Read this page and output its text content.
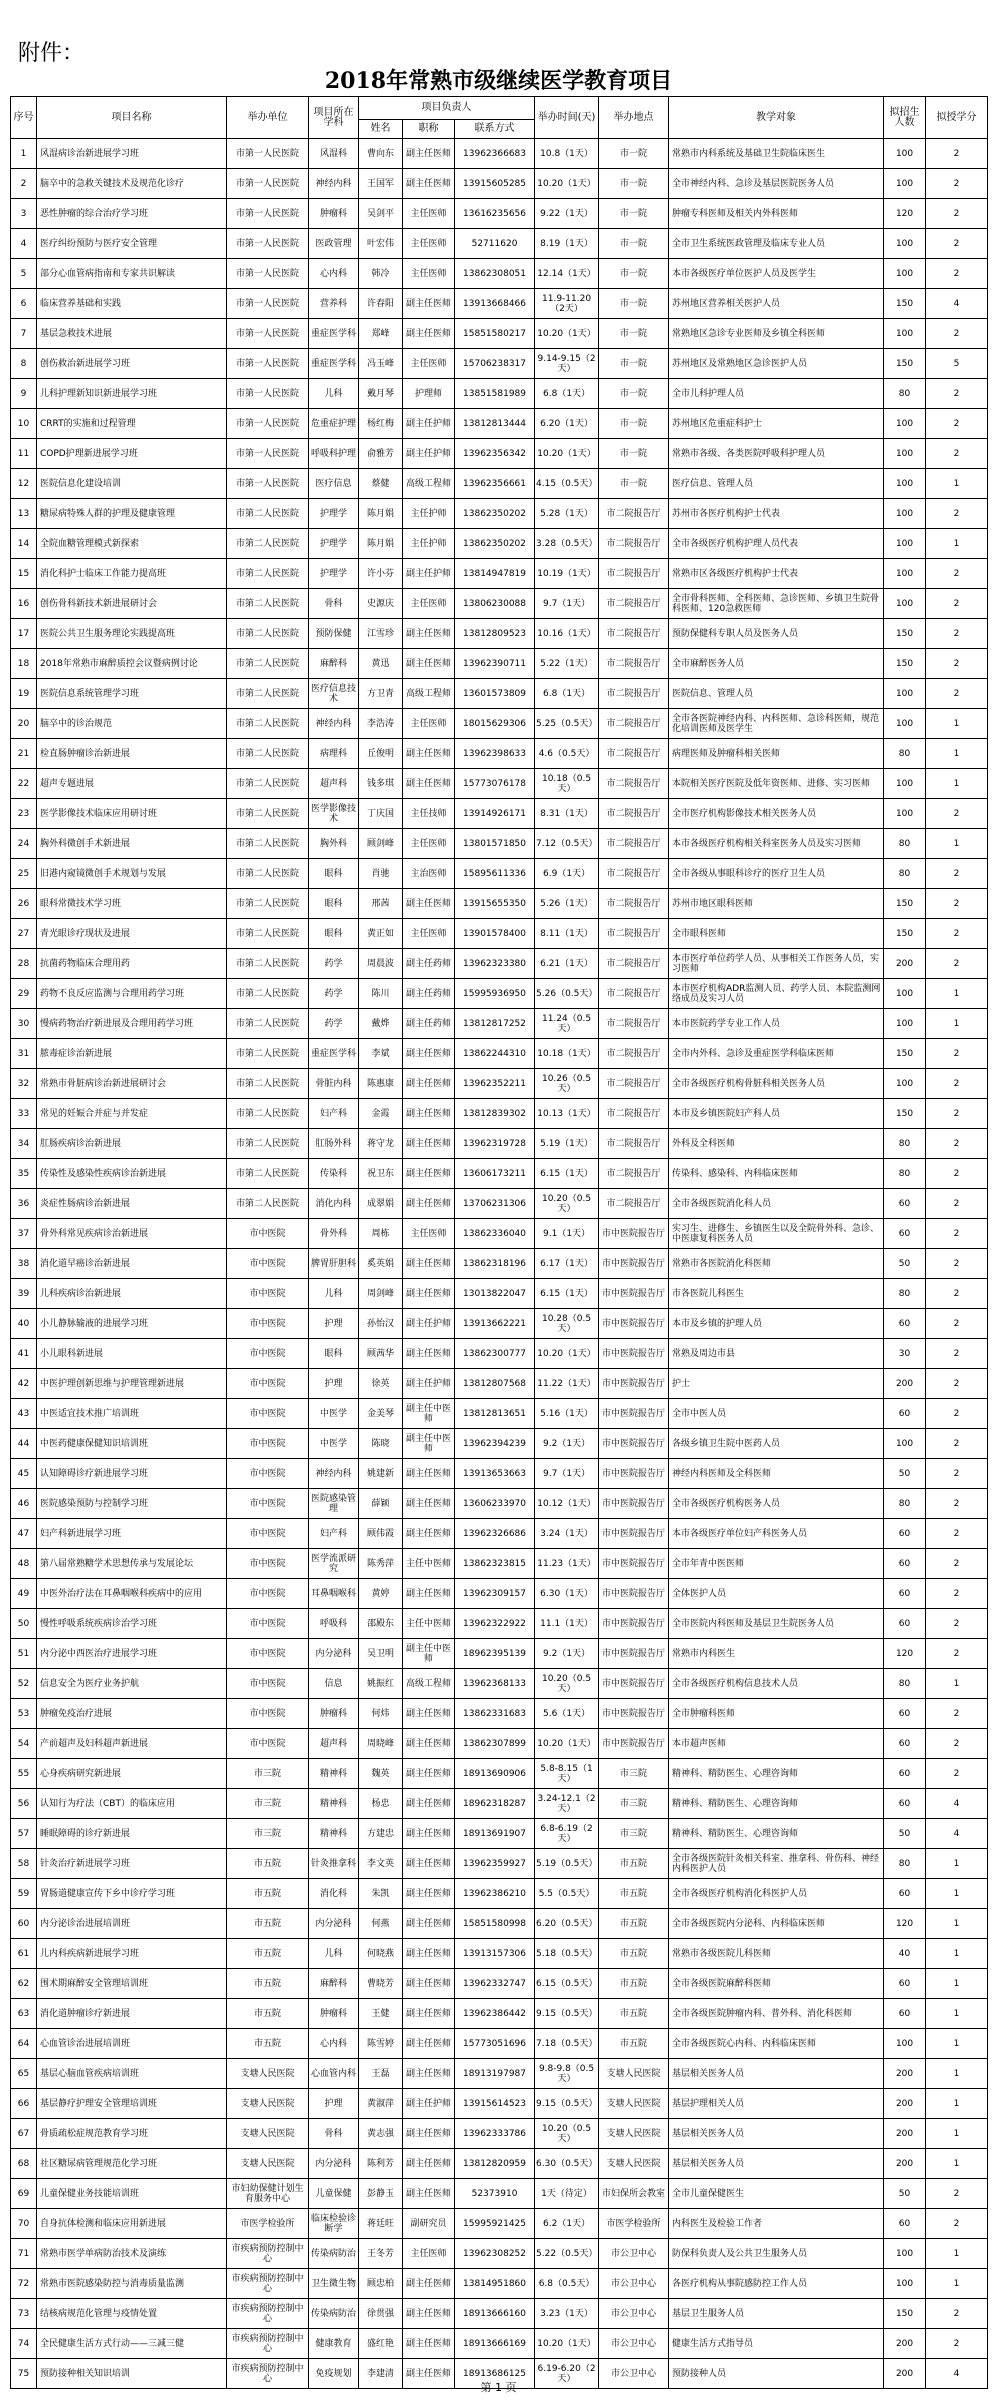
附件：
2018年常熟市级继续医学教育项目
序号	项目名称	举办单位	项目所在学科	项目负责人			举办时间(天)	举办地点	教学对象	拟招生人数	拟授学分
				姓名	职称	联系方式					
1	风湿病诊治新进展学习班	市第一人民医院	风湿科	曹向东	副主任医师	13962366683	10.8（1天）	市一院	常熟市内科系统及基础卫生院临床医生	100	2
2	脑卒中的急救关键技术及规范化诊疗	市第一人民医院	神经内科	王国军	副主任医师	13915605285	10.20（1天）	市一院	全市神经内科、急诊及基层医院医务人员	100	2
3	恶性肿瘤的综合治疗学习班	市第一人民医院	肿瘤科	吴剑平	主任医师	13616235656	9.22（1天）	市一院	肿瘤专科医师及相关内外科医师	120	2
4	医疗纠纷预防与医疗安全管理	市第一人民医院	医政管理	叶宏伟	主任医师	52711620	8.19（1天）	市一院	全市卫生系统医政管理及临床专业人员	100	2
5	部分心血管病指南和专家共识解读	市第一人民医院	心内科	韩冷	主任医师	13862308051	12.14（1天）	市一院	本市各级医疗单位医护人员及医学生	100	2
6	临床营养基础和实践	市第一人民医院	营养科	许春阳	副主任医师	13913668466	11.9-11.20（2天）	市一院	苏州地区营养相关医护人员	150	4
7	基层急救技术进展	市第一人民医院	重症医学科	郑峰	副主任医师	15851580217	10.20（1天）	市一院	常熟地区急诊专业医师及乡镇全科医师	100	2
8	创伤救治新进展学习班	市第一人民医院	重症医学科	冯玉峰	主任医师	15706238317	9.14-9.15（2天）	市一院	苏州地区及常熟地区急诊医护人员	150	5
9	儿科护理新知识新进展学习班	市第一人民医院	儿科	戴月琴	护理师	13851581989	6.8（1天）	市一院	全市儿科护理人员	80	2
10	CRRT的实施和过程管理	市第一人民医院	危重症护理	杨红梅	副主任护师	13812813444	6.20（1天）	市一院	苏州地区危重症科护士	100	2
11	COPD护理新进展学习班	市第一人民医院	呼吸科护理	俞雅芳	副主任护师	13962356342	10.20（1天）	市一院	常熟市各级、各类医院呼吸科护理人员	100	2
12	医院信息化建设培训	市第一人民医院	医疗信息	蔡健	高级工程师	13962356661	4.15（0.5天）	市一院	医疗信息、管理人员	100	1
13	糖尿病特殊人群的护理及健康管理	市第二人民医院	护理学	陈月娟	主任护师	13862350202	5.28（1天）	市二院报告厅	苏州市各医疗机构护士代表	100	2
14	全院血糖管理模式新探索	市第二人民医院	护理学	陈月娟	主任护师	13862350202	3.28（0.5天）	市二院报告厅	全市各级医疗机构护理人员代表	100	1
15	消化科护士临床工作能力提高班	市第二人民医院	护理学	许小芬	副主任护师	13814947819	10.19（1天）	市二院报告厅	常熟市区各级医疗机构护士代表	100	2
16	创伤骨科新技术新进展研讨会	市第二人民医院	骨科	史源庆	主任医师	13806230088	9.7（1天）	市二院报告厅	全市骨科医师、全科医师、急诊医师、乡镇卫生院骨科医师、120急救医师	100	2
17	医院公共卫生服务理论实践提高班	市第二人民医院	预防保健	江雪珍	副主任医师	13812809523	10.16（1天）	市二院报告厅	预防保健科专职人员及医务人员	150	2
18	2018年常熟市麻醉质控会议暨病例讨论	市第二人民医院	麻醉科	黄迅	副主任医师	13962390711	5.22（1天）	市二院报告厅	全市麻醉医务人员	150	2
19	医院信息系统管理学习班	市第二人民医院	医疗信息技术	方卫青	高级工程师	13601573809	6.8（1天）	市二院报告厅	医院信息、管理人员	100	2
20	脑卒中的诊治规范	市第二人民医院	神经内科	李浩涛	主任医师	18015629306	5.25（0.5天）	市二院报告厅	全市各医院神经内科、内科医师、急诊科医师，规范化培训医师及医学生	100	1
21	检直肠肿瘤诊治新进展	市第二人民医院	病理科	丘俊明	副主任医师	13962398633	4.6（0.5天）	市二院报告厅	病理医师及肿瘤科相关医师	80	1
22	超声专题进展	市第二人民医院	超声科	钱多琪	副主任医师	15773076178	10.18（0.5天）	市二院报告厅	本院相关医疗医院及低年资医师、进修、实习医师	100	1
23	医学影像技术临床应用研讨班	市第二人民医院	医学影像技术	丁庆国	主任技师	13914926171	8.31（1天）	市二院报告厅	全市医疗机构影像技术相关医务人员	100	2
24	胸外科微创手术新进展	市第二人民医院	胸外科	顾剑峰	主任医师	13801571850	7.12（0.5天）	市二院报告厅	本市各级医疗机构相关科室医务人员及实习医师	80	1
25	旧港内窥镜微创手术规划与发展	市第二人民医院	眼科	肖驰	主治医师	15895611336	6.9（1天）	市二院报告厅	全市各级从事眼科诊疗的医疗卫生人员	80	2
26	眼科常微技术学习班	市第二人民医院	眼科	邢茜	副主任医师	13915655350	5.26（1天）	市二院报告厅	苏州市地区眼科医师	150	2
27	青光眼诊疗现状及进展	市第二人民医院	眼科	黄正如	主任医师	13901578400	8.11（1天）	市二院报告厅	全市眼科医师	150	2
28	抗菌药物临床合理用药	市第二人民医院	药学	周晨波	副主任药师	13962323380	6.21（1天）	市二院报告厅	本市医疗单位药学人员、从事相关工作医务人员，实习医师	200	2
29	药物不良反应监测与合理用药学习班	市第二人民医院	药学	陈川	副主任药师	15995936950	5.26（0.5天）	市二院报告厅	本市医疗机构ADR监测人员、药学人员、本院监测网络成员及实习人员	100	1
30	慢病药物治疗新进展及合理用药学习班	市第二人民医院	药学	戴烨	副主任药师	13812817252	11.24（0.5天）	市二院报告厅	本市医院药学专业工作人员	100	1
31	脓毒症诊治新进展	市第二人民医院	重症医学科	李斌	副主任医师	13862244310	10.18（1天）	市二院报告厅	全市内外科、急诊及重症医学科临床医师	150	2
32	常熟市骨脏病诊治新进展研讨会	市第二人民医院	骨脏内科	陈惠康	副主任医师	13962352211	10.26（0.5天）	市二院报告厅	全市各级医疗机构骨脏科相关医务人员	100	2
33	常见的妊娠合并症与并发症	市第二人民医院	妇产科	金霞	副主任医师	13812839302	10.13（1天）	市二院报告厅	本市及乡镇医院妇产科人员	150	2
34	肛肠疾病诊治新进展	市第二人民医院	肛肠外科	蒋守龙	副主任医师	13962319728	5.19（1天）	市二院报告厅	外科及全科医师	80	2
35	传染性及感染性疾病诊治新进展	市第二人民医院	传染科	祝卫东	副主任医师	13606173211	6.15（1天）	市二院报告厅	传染科、感染科、内科临床医师	80	2
36	炎症性肠病诊治新进展	市第二人民医院	消化内科	成翠娟	副主任医师	13706231306	10.20（0.5天）	市二院报告厅	全市各级医院消化科人员	60	2
37	骨外科常见疾病诊治新进展	市中医院	骨外科	周栋	主任医师	13862336040	9.1（1天）	市中医院报告厅	实习生、进修生、乡镇医生以及全院骨外科、急诊、中医康复科医务人员	60	2
38	消化道早癌诊治新进展	市中医院	脾胃肝胆科	奚英娟	副主任医师	13862318196	6.17（1天）	市中医院报告厅	常熟市各医院消化科医师	50	2
39	儿科疾病诊治新进展	市中医院	儿科	周剑峰	副主任医师	13013822047	6.15（1天）	市中医院报告厅	市各医院儿科医生	80	2
40	小儿静脉输液的进展学习班	市中医院	护理	孙怡汉	副主任护师	13913662221	10.28（0.5天）	市中医院报告厅	本市及乡镇的护理人员	60	2
41	小儿眼科新进展	市中医院	眼科	顾茜华	副主任医师	13862300777	10.20（1天）	市中医院报告厅	常熟及周边市县	30	2
42	中医护理创新思维与护理管理新进展	市中医院	护理	徐英	副主任护师	13812807568	11.22（1天）	市中医院报告厅	护士	200	2
43	中医适宜技术推广培训班	市中医院	中医学	金美琴	副主任中医师	13812813651	5.16（1天）	市中医院报告厅	全市中医人员	60	2
44	中医药健康保健知识培训班	市中医院	中医学	陈晓	副主任中医师	13962394239	9.2（1天）	市中医院报告厅	各级乡镇卫生院中医药人员	100	2
45	认知障碍诊疗新进展学习班	市中医院	神经内科	姚建新	副主任医师	13913653663	9.7（1天）	市中医院报告厅	神经内科医师及全科医师	50	2
46	医院感染预防与控制学习班	市中医院	医院感染管理	薛颖	副主任医师	13606233970	10.12（1天）	市中医院报告厅	全市各级医疗机构医务人员	80	2
47	妇产科新进展学习班	市中医院	妇产科	顾伟霞	副主任医师	13962326686	3.24（1天）	市中医院报告厅	本市各级医疗单位妇产科医务人员	60	2
48	第八届常熟糖学术思想传承与发展论坛	市中医院	医学流派研究	陈秀萍	主任中医师	13862323815	11.23（1天）	市中医院报告厅	全市年青中医医师	60	2
49	中医外治疗法在耳鼻咽喉科疾病中的应用	市中医院	耳鼻咽喉科	黄婷	副主任医师	13962309157	6.30（1天）	市中医院报告厅	全体医护人员	60	2
50	慢性呼吸系统疾病诊治学习班	市中医院	呼吸科	邵殿东	主任中医师	13962322922	11.1（1天）	市中医院报告厅	全市医院内科医师及基层卫生院医务人员	60	2
51	内分泌中西医治疗进展学习班	市中医院	内分泌科	吴卫明	副主任中医师	18962395139	9.2（1天）	市中医院报告厅	常熟市内科医生	120	2
52	信息安全为医疗业务护航	市中医院	信息	姚振红	高级工程师	13962368133	10.20（0.5天）	市中医院报告厅	全市各级医疗机构信息技术人员	80	1
53	肿瘤免疫治疗进展	市中医院	肿瘤科	何炜	副主任医师	13862331683	5.6（1天）	市中医院报告厅	全市肿瘤科医师	60	2
54	产前超声及妇科超声新进展	市中医院	超声科	周晓峰	副主任医师	13862307899	10.20（1天）	市中医院报告厅	本市超声医师	60	2
55	心身疾病研究新进展	市三院	精神科	魏英	副主任医师	18913690906	5.8-8.15（1天）	市三院	精神科、精防医生、心理咨询师	60	2
56	认知行为疗法（CBT）的临床应用	市三院	精神科	杨忠	副主任医师	18962318287	3.24-12.1（2天）	市三院	精神科、精防医生、心理咨询师	60	4
57	睡眠障碍的诊疗新进展	市三院	精神科	方建忠	副主任医师	18913691907	6.8-6.19（2天）	市三院	精神科、精防医生、心理咨询师	50	4
58	针灸治疗新进展学习班	市五院	针灸推拿科	李文英	副主任医师	13962359927	5.19（0.5天）	市五院	全市各级医院针灸相关科室、推拿科、骨伤科、神经内科医护人员	80	1
59	胃肠道健康宣传下乡中诊疗学习班	市五院	消化科	朱凯	副主任医师	13962386210	5.5（0.5天）	市五院	全市各级医疗机构消化科医护人员	60	1
60	内分泌诊治进展培训班	市五院	内分泌科	何燕	副主任医师	15851580998	6.20（0.5天）	市五院	全市各级医院内分泌科、内科临床医师	120	1
61	儿内科疾病新进展学习班	市五院	儿科	何晓燕	副主任医师	13913157306	5.18（0.5天）	市五院	常熟市各级医院儿科医师	40	1
62	围术期麻醉安全管理培训班	市五院	麻醉科	曹晓芳	副主任医师	13962332747	6.15（0.5天）	市五院	全市各级医院麻醉科医师	60	1
63	消化道肿瘤诊疗新进展	市五院	肿瘤科	王健	副主任医师	13962386442	9.15（0.5天）	市五院	全市各级医院肿瘤内科、普外科、消化科医师	60	1
64	心血管诊治进展培训班	市五院	心内科	陈雪婷	副主任医师	15773051696	7.18（0.5天）	市五院	全市各级医院心内科、内科临床医师	100	1
65	基层心脑血管疾病培训班	支塘人民医院	心血管内科	王磊	副主任医师	18913197987	9.8-9.8（0.5天）	支塘人民医院	基层相关医务人员	200	1
66	基层静疗护理安全管理培训班	支塘人民医院	护理	黄淑萍	副主任护师	13915614523	9.15（0.5天）	支塘人民医院	基层护理相关人员	200	1
67	骨质疏松症规范教育学习班	支塘人民医院	骨科	黄志强	副主任医师	13962333786	10.20（0.5天）	支塘人民医院	基层相关医务人员	200	1
68	社区糖尿病管理规范化学习班	支塘人民医院	内分泌科	陈利芳	副主任医师	13812820959	6.30（0.5天）	支塘人民医院	基层相关医务人员	200	1
69	儿童保健业务技能培训班	市妇幼保健计划生育服务中心	儿童保健	彭静玉	副主任医师	52373910	1天（待定）	市妇保所会教室	全市儿童保健医生	50	2
70	自身抗体检测和临床应用新进展	市医学检验所	临床检验诊断学	蒋廷旺	副研究员	15995921425	6.2（1天）	市医学检验所	内科医生及检验工作者	60	2
71	常熟市医学单病防治技术及演练	市疾病预防控制中心	传染病防治	王冬芳	主任医师	13962308252	5.22（0.5天）	市公卫中心	防保科负责人及公共卫生服务人员	100	1
72	常熟市医院感染防控与消毒质量监测	市疾病预防控制中心	卫生微生物	顾忠柏	副主任医师	13814951860	6.8（0.5天）	市公卫中心	各医疗机构从事院感防控工作人员	100	1
73	结核病规范化管理与疫情处置	市疾病预防控制中心	传染病防治	徐贯强	副主任医师	18913666160	3.23（1天）	市公卫中心	基层卫生服务人员	150	2
74	全民健康生活方式行动——三减三健	市疾病预防控制中心	健康教育	盛红艳	副主任医师	18913666169	10.20（1天）	市公卫中心	健康生活方式指导员	200	2
75	预防接种相关知识培训	市疾病预防控制中心	免疫规划	李建清	副主任医师	18913686125	6.19-6.20（2天）	市公卫中心	预防接种人员	200	4
第 1 页
